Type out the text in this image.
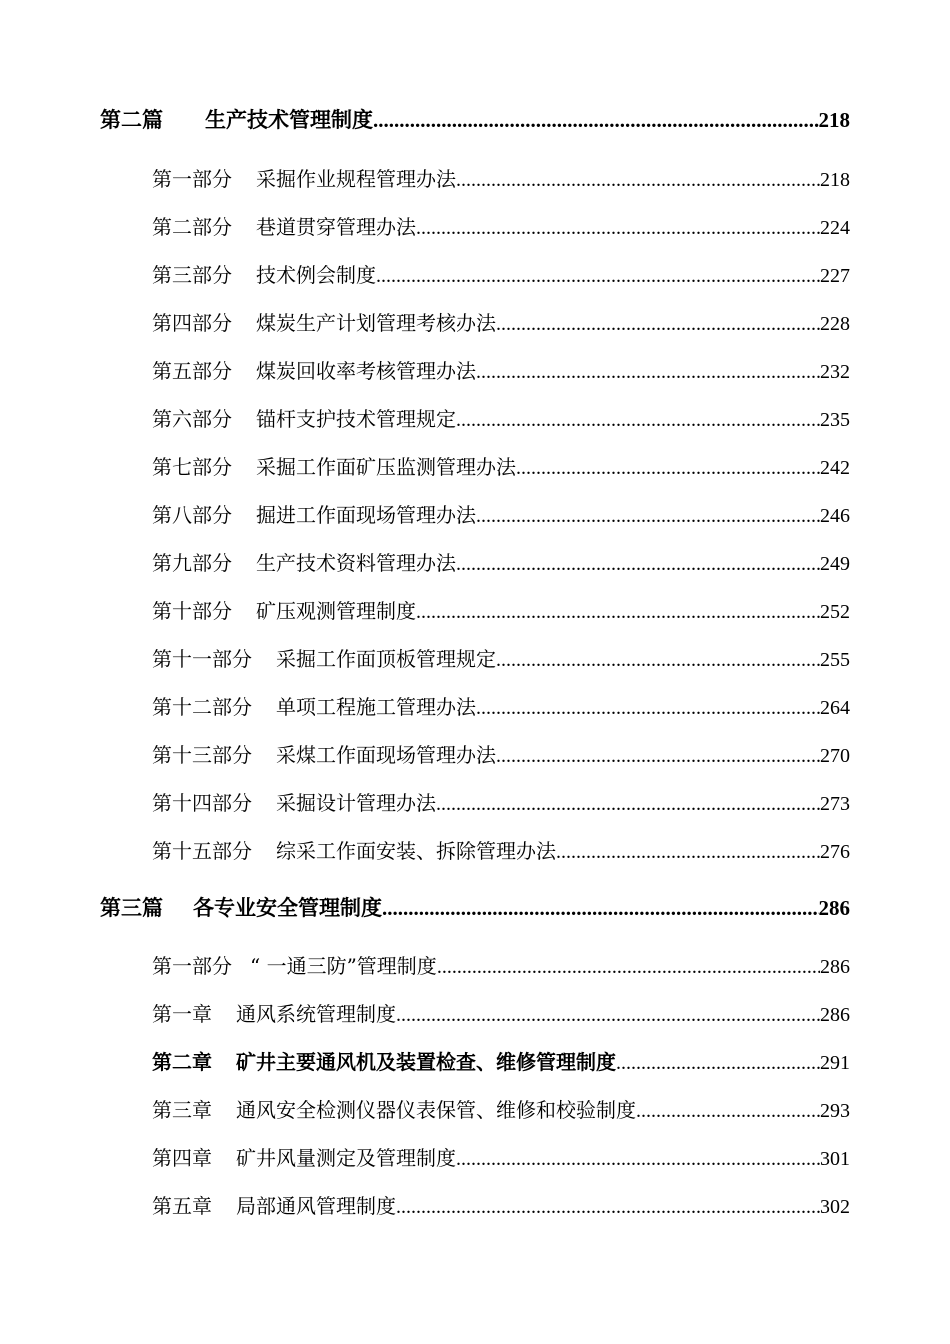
第二篇 生产技术管理制度 .....	218
第一部分 采掘作业规程管理办法 .....	218
第二部分 巷道贯穿管理办法 .....	224
第三部分 技术例会制度 .....	227
第四部分 煤炭生产计划管理考核办法 .....	228
第五部分 煤炭回收率考核管理办法 .....	232
第六部分 锚杆支护技术管理规定 .....	235
第七部分 采掘工作面矿压监测管理办法 .....	242
第八部分 掘进工作面现场管理办法 .....	246
第九部分 生产技术资料管理办法 .....	249
第十部分 矿压观测管理制度 .....	252
第十一部分 采掘工作面顶板管理规定 .....	255
第十二部分 单项工程施工管理办法 .....	264
第十三部分 采煤工作面现场管理办法 .....	270
第十四部分 采掘设计管理办法 .....	273
第十五部分 综采工作面安装、拆除管理办法 .....	276
第三篇 各专业安全管理制度 .....	286
第一部分 “ 一通三防”管理制度 .....	286
第一章 通风系统管理制度 .....	286
第二章 矿井主要通风机及装置检查、维修管理制度 .....	291
第三章 通风安全检测仪器仪表保管、维修和校验制度 .....	293
第四章 矿井风量测定及管理制度 .....	301
第五章 局部通风管理制度 .....	302
